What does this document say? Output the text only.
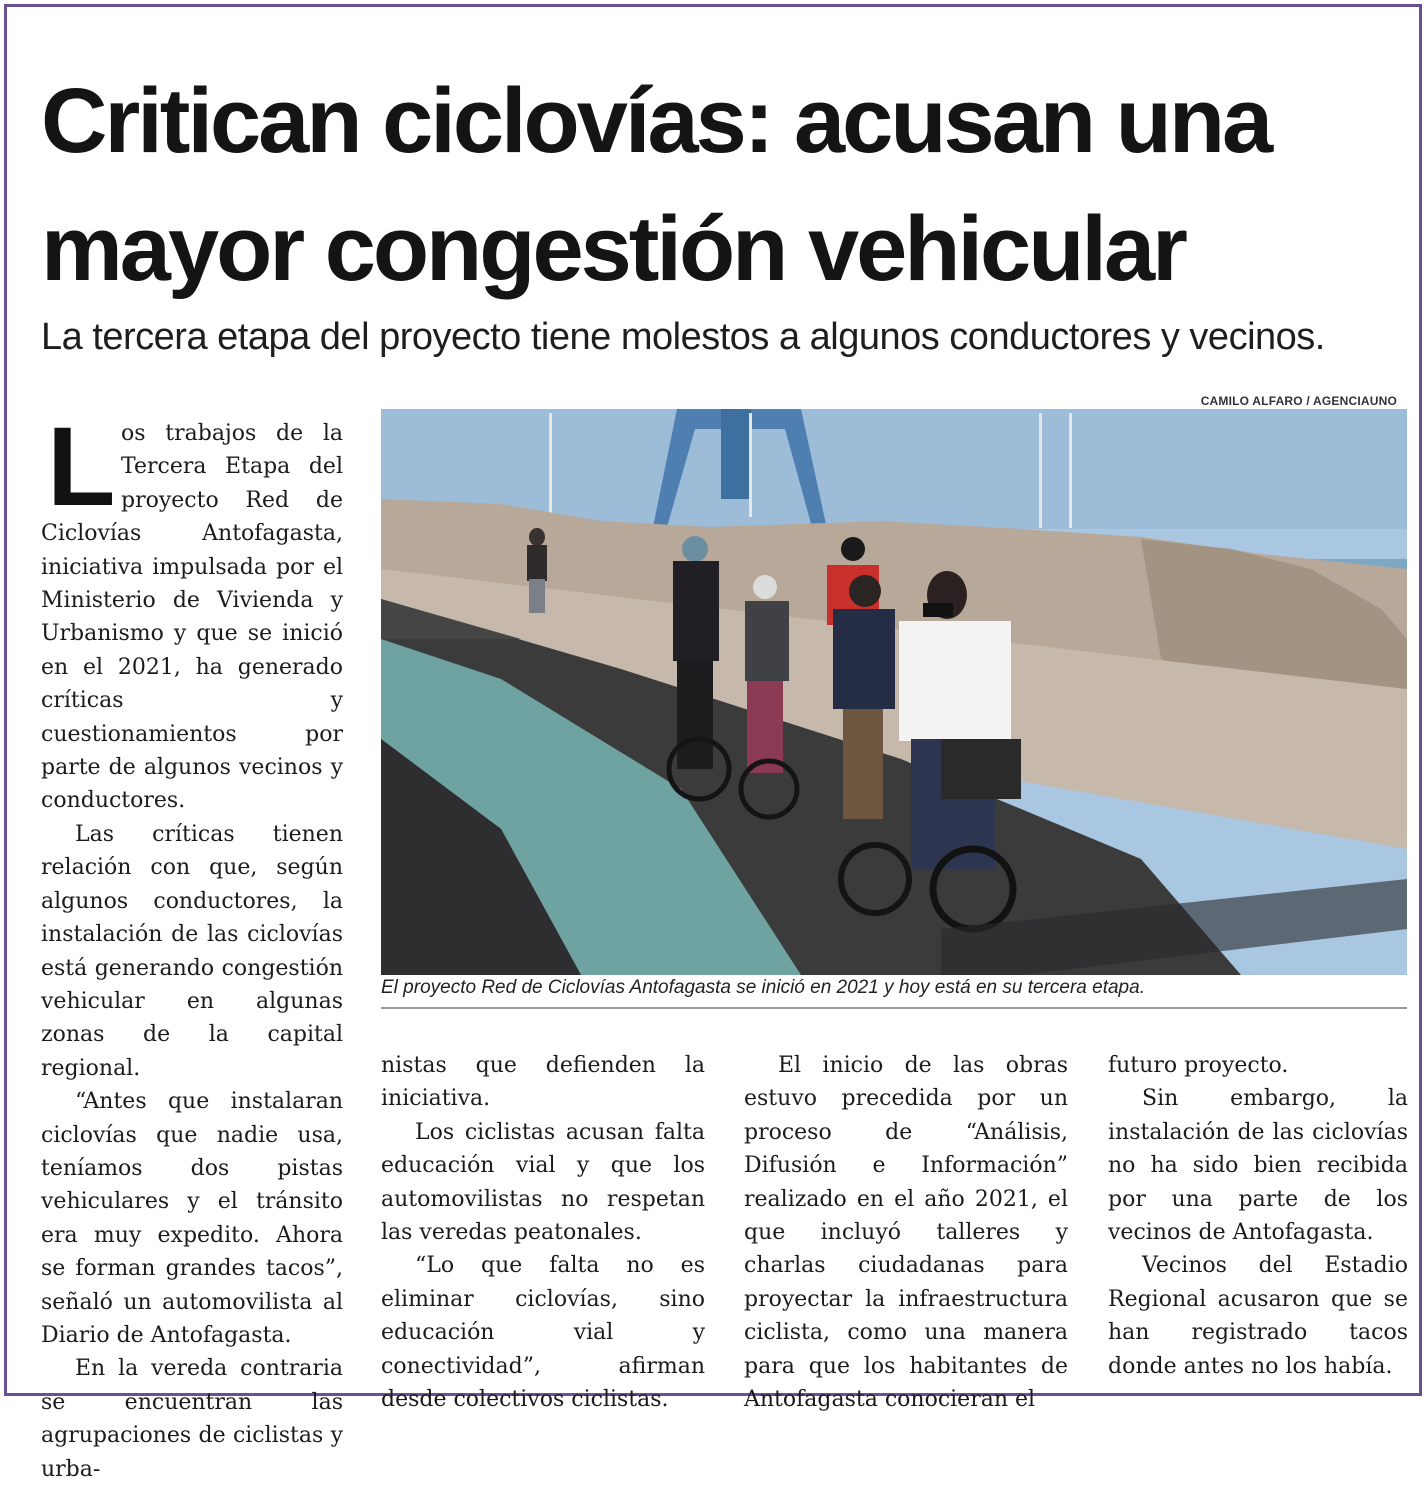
Critican ciclovías: acusan una
mayor congestión vehicular
La tercera etapa del proyecto tiene molestos a algunos conductores y vecinos.
CAMILO ALFARO / AGENCIAUNO
El proyecto Red de Ciclovías Antofagasta se inició en 2021 y hoy está en su tercera etapa.
L os trabajos de la Tercera Etapa del proyecto Red de Ciclovías Antofagasta, iniciativa impulsada por el Ministerio de Vivienda y Urbanismo y que se inició en el 2021, ha generado críticas y cuestionamientos por parte de algunos vecinos y conductores.

Las críticas tienen relación con que, según algunos conductores, la instalación de las ciclovías está generando congestión vehicular en algunas zonas de la capital regional.

“Antes que instalaran ciclovías que nadie usa, teníamos dos pistas vehiculares y el tránsito era muy expedito. Ahora se forman grandes tacos”, señaló un automovilista al Diario de Antofagasta.

En la vereda contraria se encuentran las agrupaciones de ciclistas y urba-

nistas que defienden la iniciativa.

Los ciclistas acusan falta educación vial y que los automovilistas no respetan las veredas peatonales.

“Lo que falta no es eliminar ciclovías, sino educación vial y conectividad”, afirman desde colectivos ciclistas.

El inicio de las obras estuvo precedida por un proceso de “Análisis, Difusión e Información” realizado en el año 2021, el que incluyó talleres y charlas ciudadanas para proyectar la infraestructura ciclista, como una manera para que los habitantes de Antofagasta conocieran el

futuro proyecto.

Sin embargo, la instalación de las ciclovías no ha sido bien recibida por una parte de los vecinos de Antofagasta.

Vecinos del Estadio Regional acusaron que se han registrado tacos donde antes no los había.
